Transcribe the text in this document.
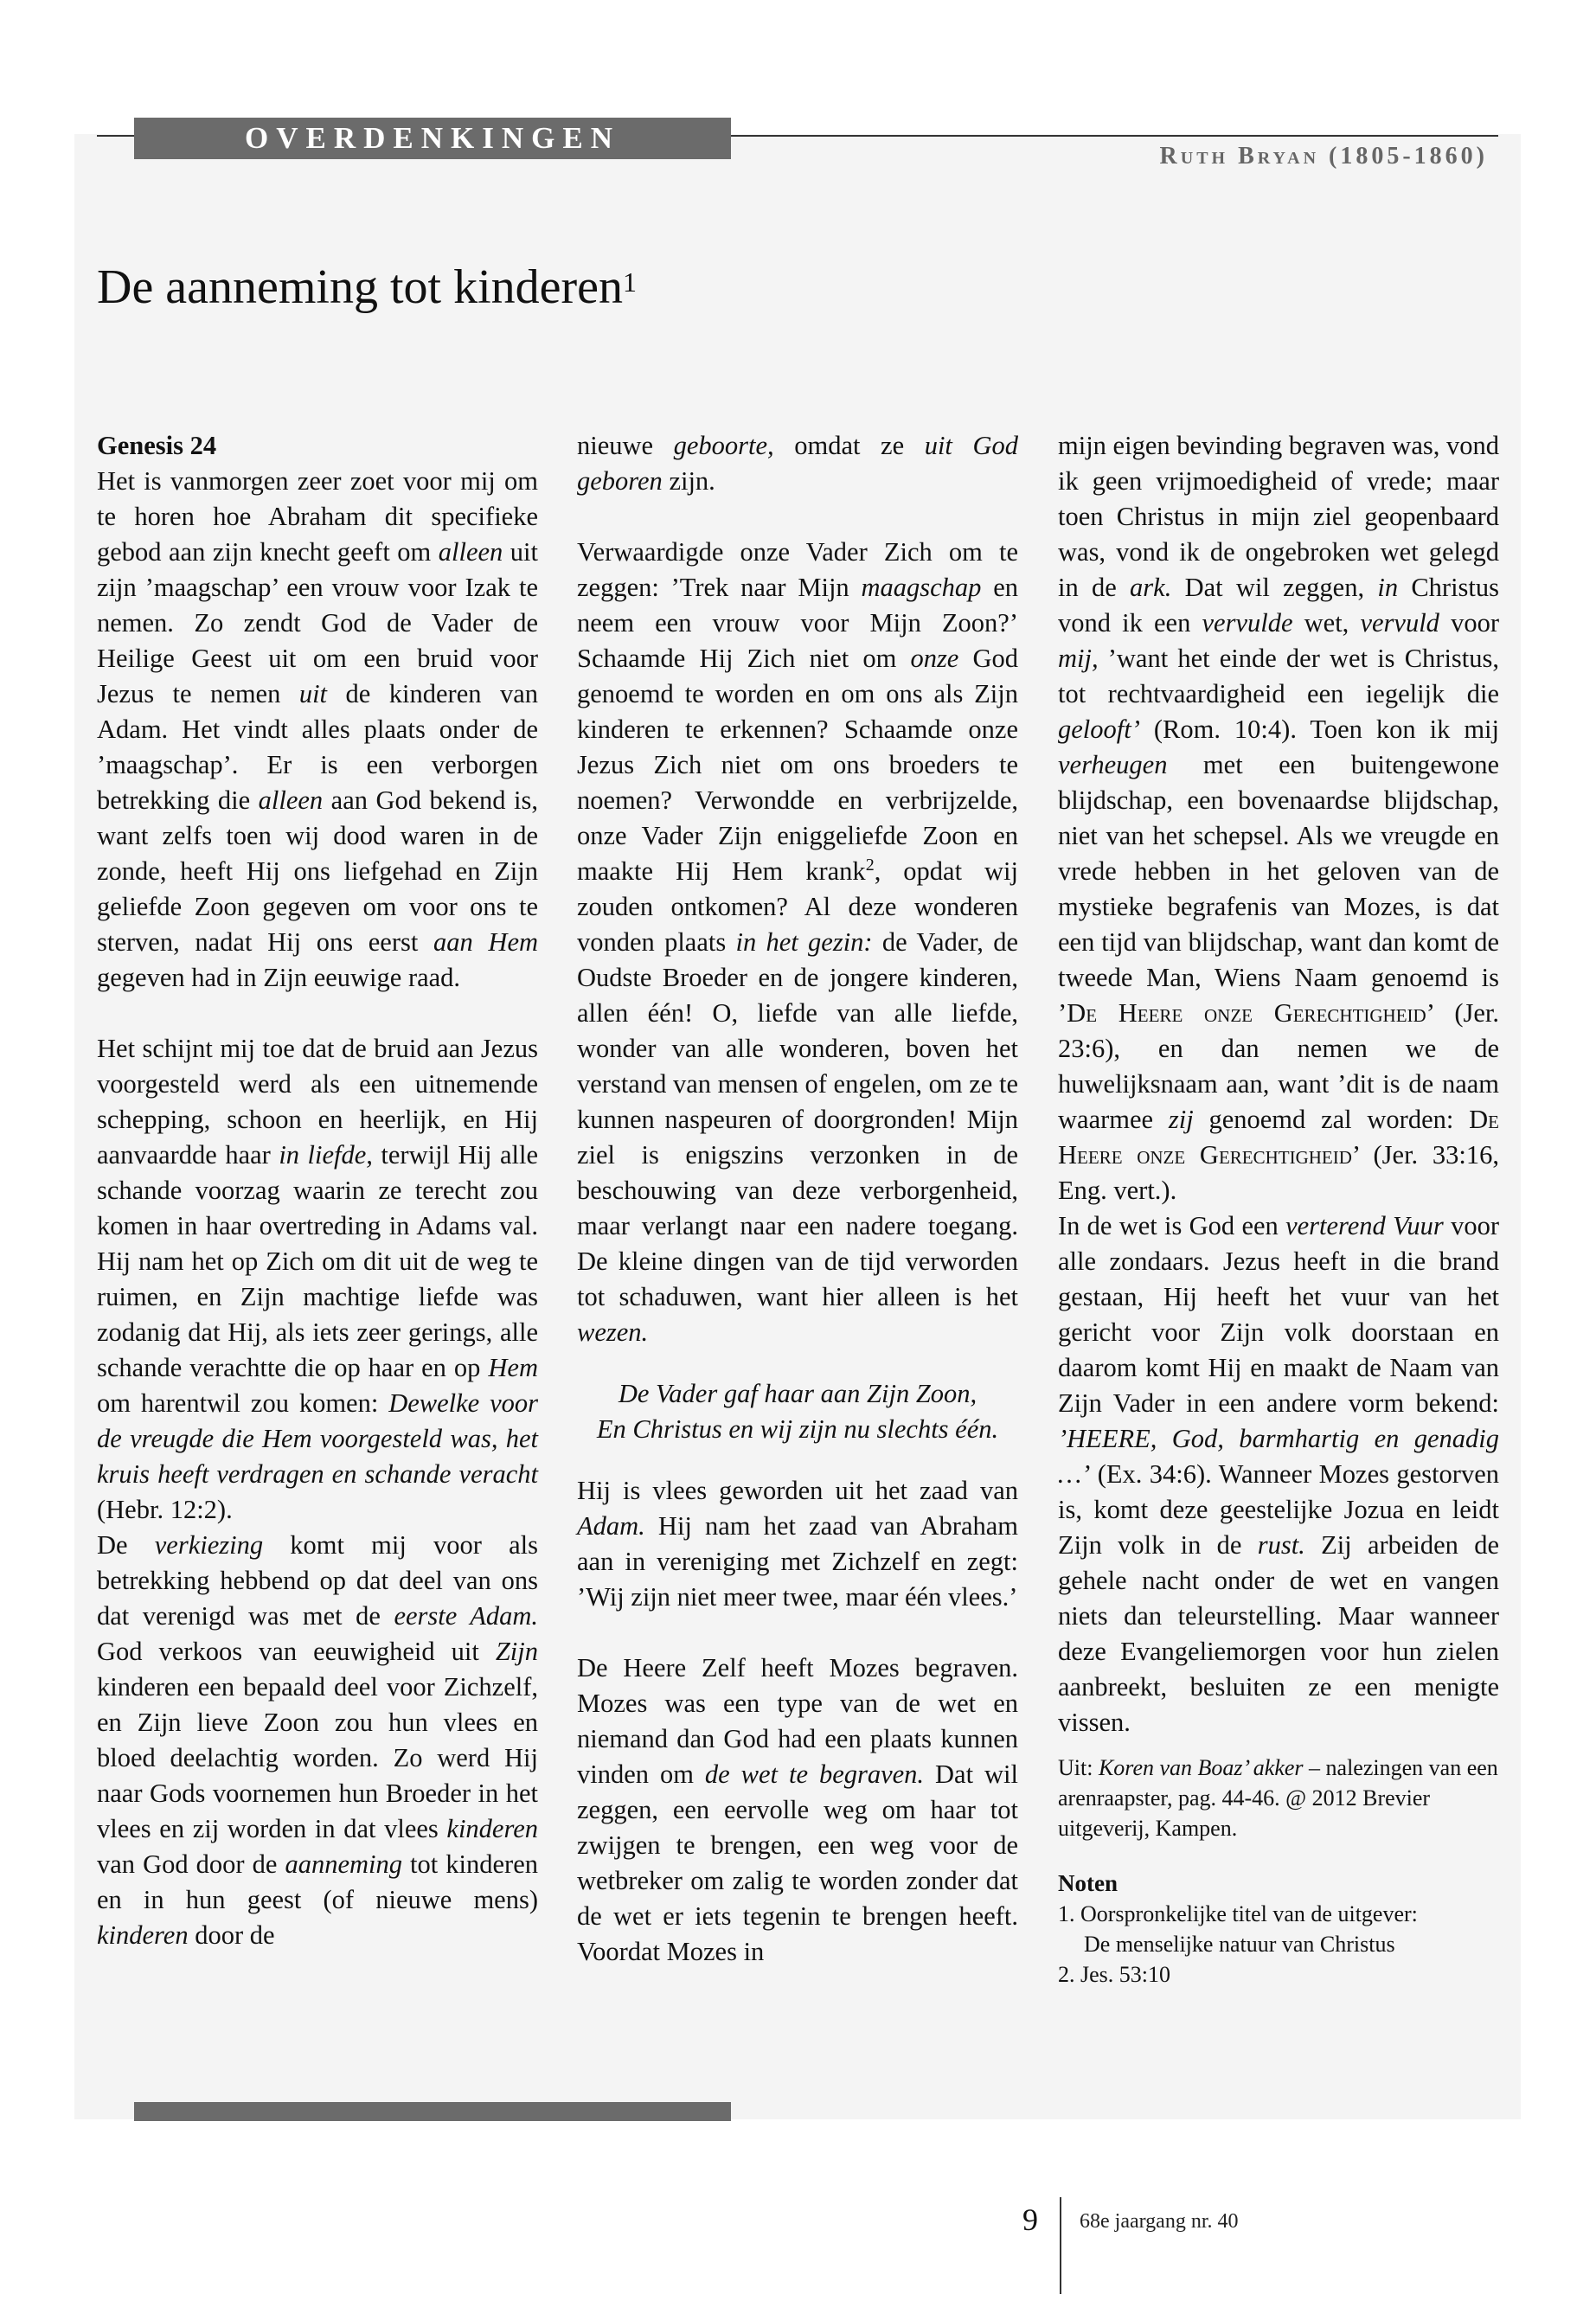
OVERDENKINGEN
Ruth Bryan (1805-1860)
De aanneming tot kinderen$^1$
Genesis 24

Het is vanmorgen zeer zoet voor mij om te horen hoe Abraham dit specifieke gebod aan zijn knecht geeft om alleen uit zijn ’maagschap’ een vrouw voor Izak te nemen. Zo zendt God de Vader de Heilige Geest uit om een bruid voor Jezus te nemen uit de kinderen van Adam. Het vindt alles plaats onder de ’maagschap’. Er is een verborgen betrekking die alleen aan God bekend is, want zelfs toen wij dood waren in de zonde, heeft Hij ons liefgehad en Zijn geliefde Zoon gegeven om voor ons te sterven, nadat Hij ons eerst aan Hem gegeven had in Zijn eeuwige raad.

Het schijnt mij toe dat de bruid aan Jezus voorgesteld werd als een uitnemende schepping, schoon en heerlijk, en Hij aanvaardde haar in liefde, terwijl Hij alle schande voorzag waarin ze terecht zou komen in haar overtreding in Adams val. Hij nam het op Zich om dit uit de weg te ruimen, en Zijn machtige liefde was zodanig dat Hij, als iets zeer gerings, alle schande verachtte die op haar en op Hem om harentwil zou komen: Dewelke voor de vreugde die Hem voorgesteld was, het kruis heeft verdragen en schande veracht (Hebr. 12:2).

De verkiezing komt mij voor als betrekking hebbend op dat deel van ons dat verenigd was met de eerste Adam. God verkoos van eeuwigheid uit Zijn kinderen een bepaald deel voor Zichzelf, en Zijn lieve Zoon zou hun vlees en bloed deelachtig worden. Zo werd Hij naar Gods voornemen hun Broeder in het vlees en zij worden in dat vlees kinderen van God door de aanneming tot kinderen en in hun geest (of nieuwe mens) kinderen door de

nieuwe geboorte, omdat ze uit God geboren zijn.

Verwaardigde onze Vader Zich om te zeggen: ’Trek naar Mijn maagschap en neem een vrouw voor Mijn Zoon?’ Schaamde Hij Zich niet om onze God genoemd te worden en om ons als Zijn kinderen te erkennen? Schaamde onze Jezus Zich niet om ons broeders te noemen? Verwondde en verbrijzelde, onze Vader Zijn eniggeliefde Zoon en maakte Hij Hem krank$^2$, opdat wij zouden ontkomen? Al deze wonderen vonden plaats in het gezin: de Vader, de Oudste Broeder en de jongere kinderen, allen één! O, liefde van alle liefde, wonder van alle wonderen, boven het verstand van mensen of engelen, om ze te kunnen naspeuren of doorgronden! Mijn ziel is enigszins verzonken in de beschouwing van deze verborgenheid, maar verlangt naar een nadere toegang. De kleine dingen van de tijd verworden tot schaduwen, want hier alleen is het wezen.

De Vader gaf haar aan Zijn Zoon,
En Christus en wij zijn nu slechts één.

Hij is vlees geworden uit het zaad van Adam. Hij nam het zaad van Abraham aan in vereniging met Zichzelf en zegt: ’Wij zijn niet meer twee, maar één vlees.’

De Heere Zelf heeft Mozes begraven. Mozes was een type van de wet en niemand dan God had een plaats kunnen vinden om de wet te begraven. Dat wil zeggen, een eervolle weg om haar tot zwijgen te brengen, een weg voor de wetbreker om zalig te worden zonder dat de wet er iets tegenin te brengen heeft. Voordat Mozes in

mijn eigen bevinding begraven was, vond ik geen vrijmoedigheid of vrede; maar toen Christus in mijn ziel geopenbaard was, vond ik de ongebroken wet gelegd in de ark. Dat wil zeggen, in Christus vond ik een vervulde wet, vervuld voor mij, ’want het einde der wet is Christus, tot rechtvaardigheid een iegelijk die gelooft’ (Rom. 10:4). Toen kon ik mij verheugen met een buitengewone blijdschap, een bovenaardse blijdschap, niet van het schepsel. Als we vreugde en vrede hebben in het geloven van de mystieke begrafenis van Mozes, is dat een tijd van blijdschap, want dan komt de tweede Man, Wiens Naam genoemd is ’De Heere onze Gerechtigheid’ (Jer. 23:6), en dan nemen we de huwelijksnaam aan, want ’dit is de naam waarmee zij genoemd zal worden: De Heere onze Gerechtigheid’ (Jer. 33:16, Eng. vert.).

In de wet is God een verterend Vuur voor alle zondaars. Jezus heeft in die brand gestaan, Hij heeft het vuur van het gericht voor Zijn volk doorstaan en daarom komt Hij en maakt de Naam van Zijn Vader in een andere vorm bekend: ’HEERE, God, barmhartig en genadig …’ (Ex. 34:6). Wanneer Mozes gestorven is, komt deze geestelijke Jozua en leidt Zijn volk in de rust. Zij arbeiden de gehele nacht onder de wet en vangen niets dan teleurstelling. Maar wanneer deze Evangeliemorgen voor hun zielen aanbreekt, besluiten ze een menigte vissen.

Uit: Koren van Boaz’ akker – nalezingen van een arenraapster, pag. 44-46. @ 2012 Brevier uitgeverij, Kampen.

Noten

1. Oorspronkelijke titel van de uitgever:
De menselijke natuur van Christus
2. Jes. 53:10
9 68e jaargang nr. 40
